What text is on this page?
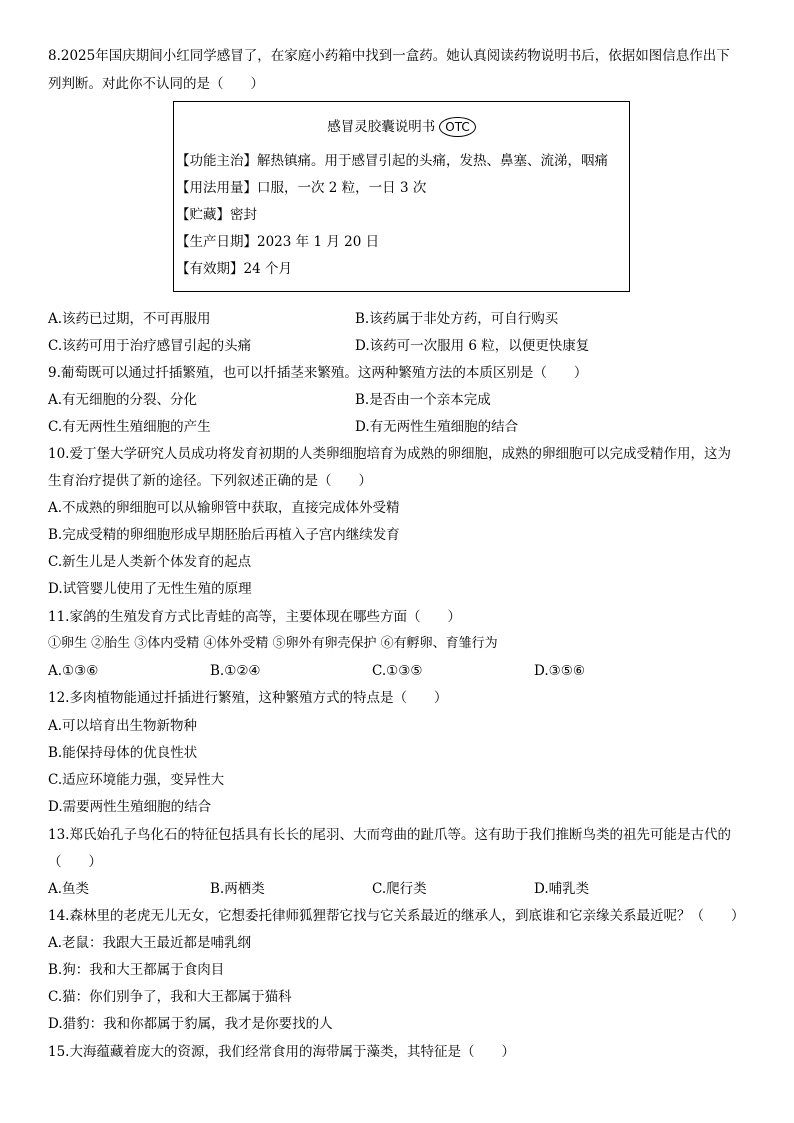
8.2025年国庆期间小红同学感冒了，在家庭小药箱中找到一盒药。她认真阅读药物说明书后，依据如图信息作出下
列判断。对此你不认同的是（　　）
感冒灵胶囊说明书 OTC
【功能主治】解热镇痛。用于感冒引起的头痛，发热、鼻塞、流涕，咽痛
【用法用量】口服，一次 2 粒，一日 3 次
【贮藏】密封
【生产日期】2023 年 1 月 20 日
【有效期】24 个月
A.该药已过期，不可再服用	B.该药属于非处方药，可自行购买
C.该药可用于治疗感冒引起的头痛	D.该药可一次服用 6 粒，以便更快康复
9.葡萄既可以通过扦插繁殖，也可以扦插茎来繁殖。这两种繁殖方法的本质区别是（　　）
A.有无细胞的分裂、分化	B.是否由一个亲本完成
C.有无两性生殖细胞的产生	D.有无两性生殖细胞的结合
10.爱丁堡大学研究人员成功将发育初期的人类卵细胞培育为成熟的卵细胞，成熟的卵细胞可以完成受精作用，这为
生育治疗提供了新的途径。下列叙述正确的是（　　）
A.不成熟的卵细胞可以从输卵管中获取，直接完成体外受精
B.完成受精的卵细胞形成早期胚胎后再植入子宫内继续发育
C.新生儿是人类新个体发育的起点
D.试管婴儿使用了无性生殖的原理
11.家鸽的生殖发育方式比青蛙的高等，主要体现在哪些方面（　　）
①卵生 ②胎生 ③体内受精 ④体外受精 ⑤卵外有卵壳保护 ⑥有孵卵、育雏行为
A.①③⑥	B.①②④	C.①③⑤	D.③⑤⑥
12.多肉植物能通过扦插进行繁殖，这种繁殖方式的特点是（　　）
A.可以培育出生物新物种
B.能保持母体的优良性状
C.适应环境能力强，变异性大
D.需要两性生殖细胞的结合
13.郑氏始孔子鸟化石的特征包括具有长长的尾羽、大而弯曲的趾爪等。这有助于我们推断鸟类的祖先可能是古代的
（　　）
A.鱼类	B.两栖类	C.爬行类	D.哺乳类
14.森林里的老虎无儿无女，它想委托律师狐狸帮它找与它关系最近的继承人，到底谁和它亲缘关系最近呢？（　　）
A.老鼠：我跟大王最近都是哺乳纲
B.狗：我和大王都属于食肉目
C.猫：你们别争了，我和大王都属于猫科
D.猎豹：我和你都属于豹属，我才是你要找的人
15.大海蕴藏着庞大的资源，我们经常食用的海带属于藻类，其特征是（　　）
